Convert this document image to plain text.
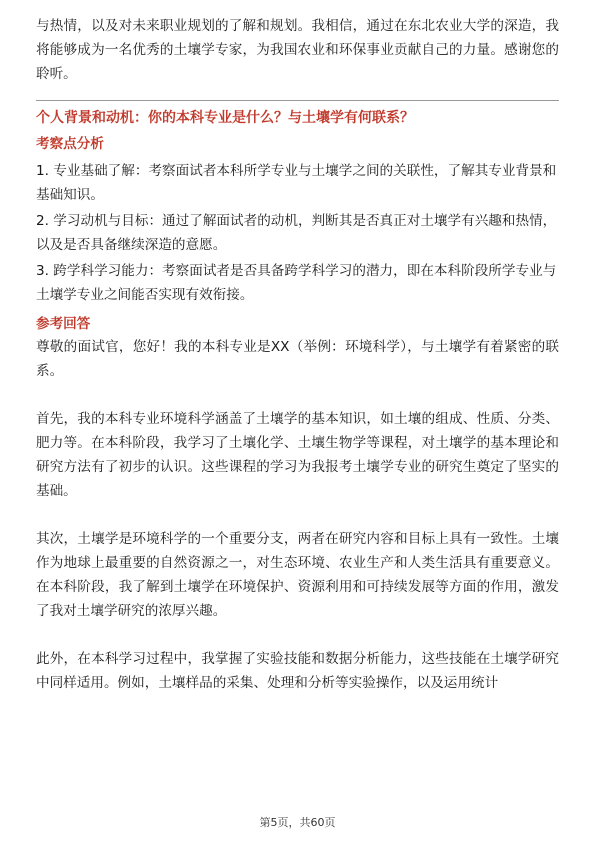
与热情，以及对未来职业规划的了解和规划。我相信，通过在东北农业大学的深造，我将能够成为一名优秀的土壤学专家，为我国农业和环保事业贡献自己的力量。感谢您的聆听。

个人背景和动机：你的本科专业是什么？与土壤学有何联系？

考察点分析

1. 专业基础了解：考察面试者本科所学专业与土壤学之间的关联性，了解其专业背景和基础知识。

2. 学习动机与目标：通过了解面试者的动机，判断其是否真正对土壤学有兴趣和热情，以及是否具备继续深造的意愿。

3. 跨学科学习能力：考察面试者是否具备跨学科学习的潜力，即在本科阶段所学专业与土壤学专业之间能否实现有效衔接。

参考回答

尊敬的面试官，您好！我的本科专业是XX（举例：环境科学），与土壤学有着紧密的联系。

首先，我的本科专业环境科学涵盖了土壤学的基本知识，如土壤的组成、性质、分类、肥力等。在本科阶段，我学习了土壤化学、土壤生物学等课程，对土壤学的基本理论和研究方法有了初步的认识。这些课程的学习为我报考土壤学专业的研究生奠定了坚实的基础。

其次，土壤学是环境科学的一个重要分支，两者在研究内容和目标上具有一致性。土壤作为地球上最重要的自然资源之一，对生态环境、农业生产和人类生活具有重要意义。在本科阶段，我了解到土壤学在环境保护、资源利用和可持续发展等方面的作用，激发了我对土壤学研究的浓厚兴趣。

此外，在本科学习过程中，我掌握了实验技能和数据分析能力，这些技能在土壤学研究中同样适用。例如，土壤样品的采集、处理和分析等实验操作，以及运用统计

第5页，共60页
